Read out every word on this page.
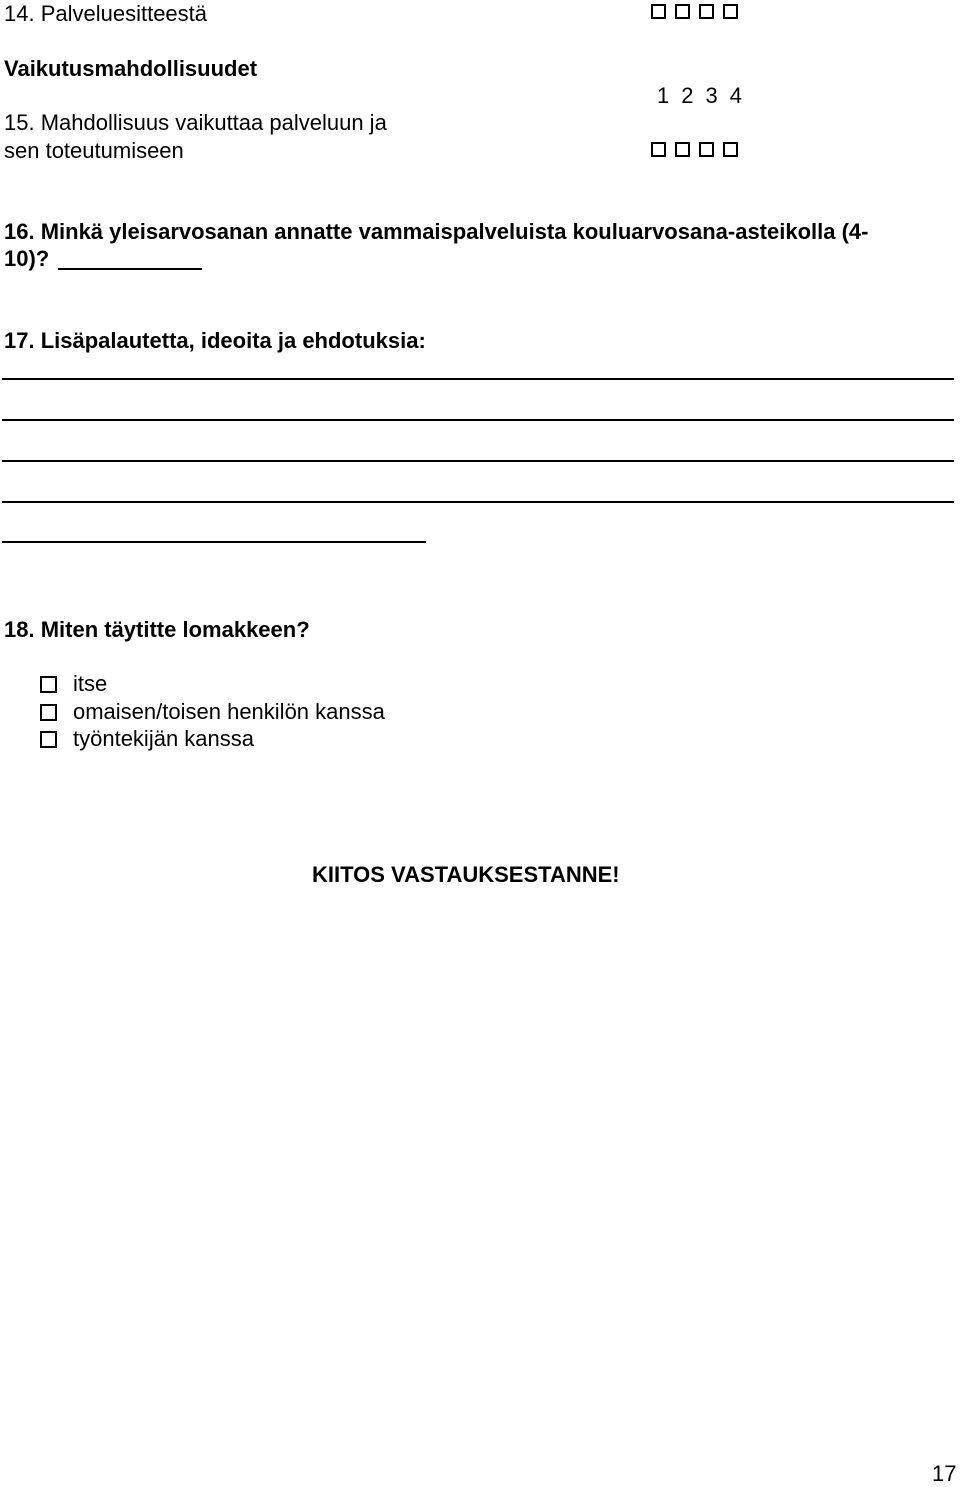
14. Palveluesitteestä
Vaikutusmahdollisuudet
1 2 3 4
15. Mahdollisuus vaikuttaa palveluun ja
sen toteutumiseen
16. Minkä yleisarvosanan annatte vammaispalveluista kouluarvosana-asteikolla (4-
10)?
17. Lisäpalautetta, ideoita ja ehdotuksia:
18. Miten täytitte lomakkeen?
itse
omaisen/toisen henkilön kanssa
työntekijän kanssa
KIITOS VASTAUKSESTANNE!
17
